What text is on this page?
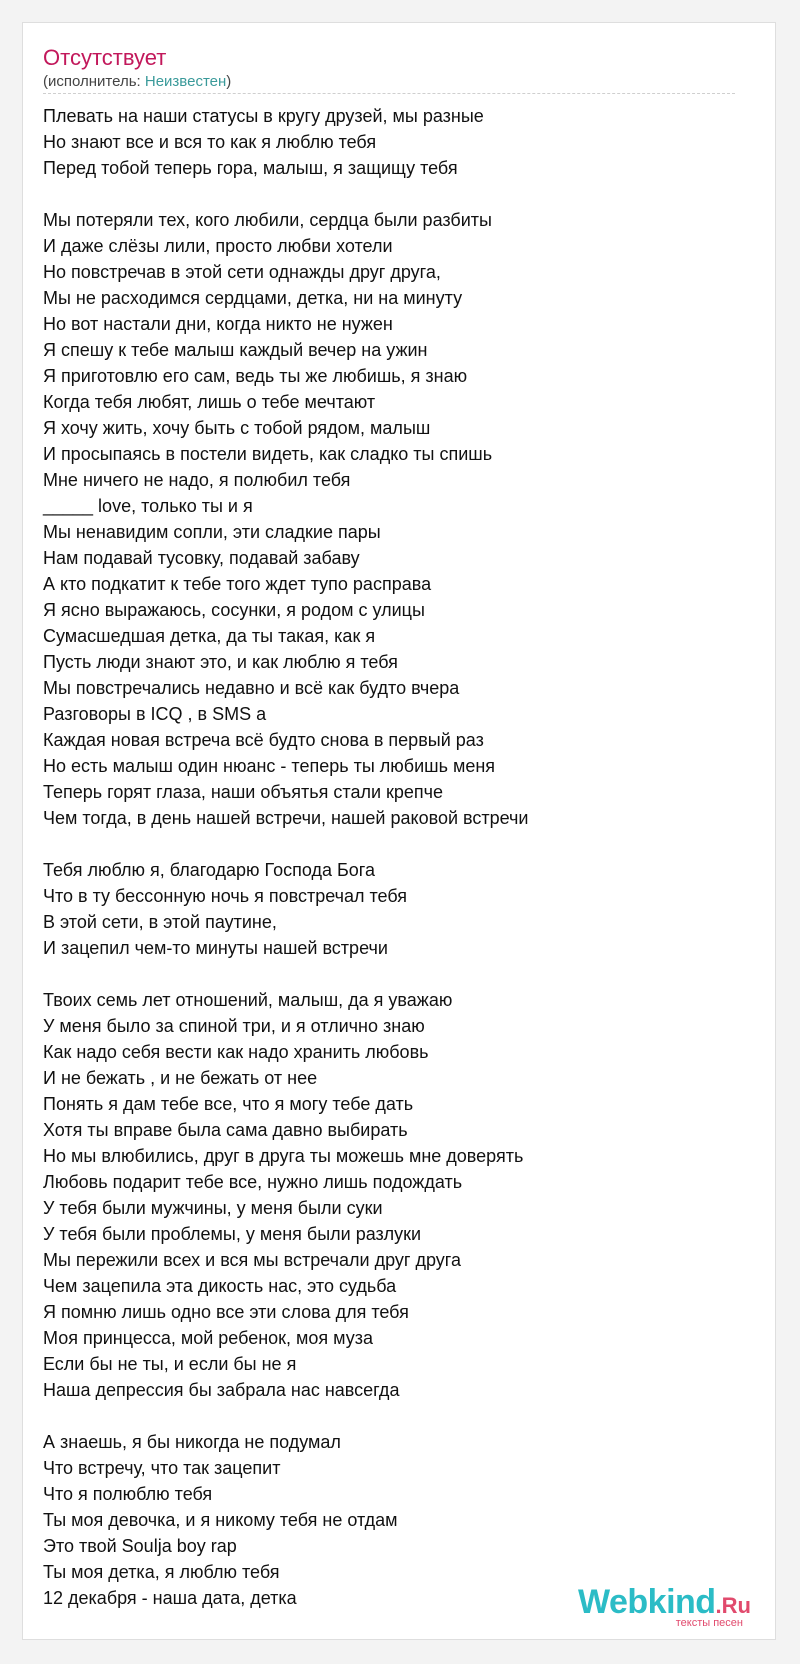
Отсутствует
(исполнитель: Неизвестен)
Плевать на наши статусы в кругу друзей, мы разные
Но знают все и вся то как я люблю тебя
Перед тобой теперь гора, малыш, я защищу тебя
Мы потеряли тех, кого любили, сердца были разбиты
И даже слёзы лили, просто любви хотели
Но повстречав в этой сети однажды друг друга,
Мы не расходимся сердцами, детка, ни на минуту
Но вот настали дни, когда никто не нужен
Я спешу к тебе малыш каждый вечер на ужин
Я приготовлю его сам, ведь ты же любишь, я знаю
Когда тебя любят, лишь о тебе мечтают
Я хочу жить, хочу быть с тобой рядом, малыш
И просыпаясь в постели видеть, как сладко ты спишь
Мне ничего не надо, я полюбил тебя
_____ love, только ты и я
Мы ненавидим сопли, эти сладкие пары
Нам подавай тусовку, подавай забаву
А кто подкатит к тебе того ждет тупо расправа
Я ясно выражаюсь, сосунки, я родом с улицы
Сумасшедшая детка, да ты такая, как я
Пусть люди знают это, и как люблю я тебя
Мы повстречались недавно и всё как будто вчера
Разговоры в ICQ , в SMS а
Каждая новая встреча всё будто снова в первый раз
Но есть малыш один нюанс - теперь ты любишь меня
Теперь горят глаза, наши объятья стали крепче
Чем тогда, в день нашей встречи, нашей раковой встречи
Тебя люблю я, благодарю Господа Бога
Что в ту бессонную ночь я повстречал тебя
В этой сети, в этой паутине,
И зацепил чем-то минуты нашей встречи
Твоих семь лет отношений, малыш, да я уважаю
У меня было за спиной три, и я отлично знаю
Как надо себя вести как надо хранить любовь
И не бежать , и не бежать от нее
Понять я дам тебе все, что я могу тебе дать
Хотя ты вправе была сама давно выбирать
Но мы влюбились, друг в друга ты можешь мне доверять
Любовь подарит тебе все, нужно лишь подождать
У тебя были мужчины, у меня были суки
У тебя были проблемы, у меня были разлуки
Мы пережили всех и вся мы встречали друг друга
Чем зацепила эта дикость нас, это судьба
Я помню лишь одно все эти слова для тебя
Моя принцесса, мой ребенок, моя муза
Если бы не ты, и если бы не я
Наша депрессия бы забрала нас навсегда
А знаешь, я бы никогда не подумал
Что встречу, что так зацепит
Что я полюблю тебя
Ты моя девочка, и я никому тебя не отдам
Это твой Soulja boy rap
Ты моя детка, я люблю тебя
12 декабря - наша дата, детка	Webkind.Ru
тексты песен
